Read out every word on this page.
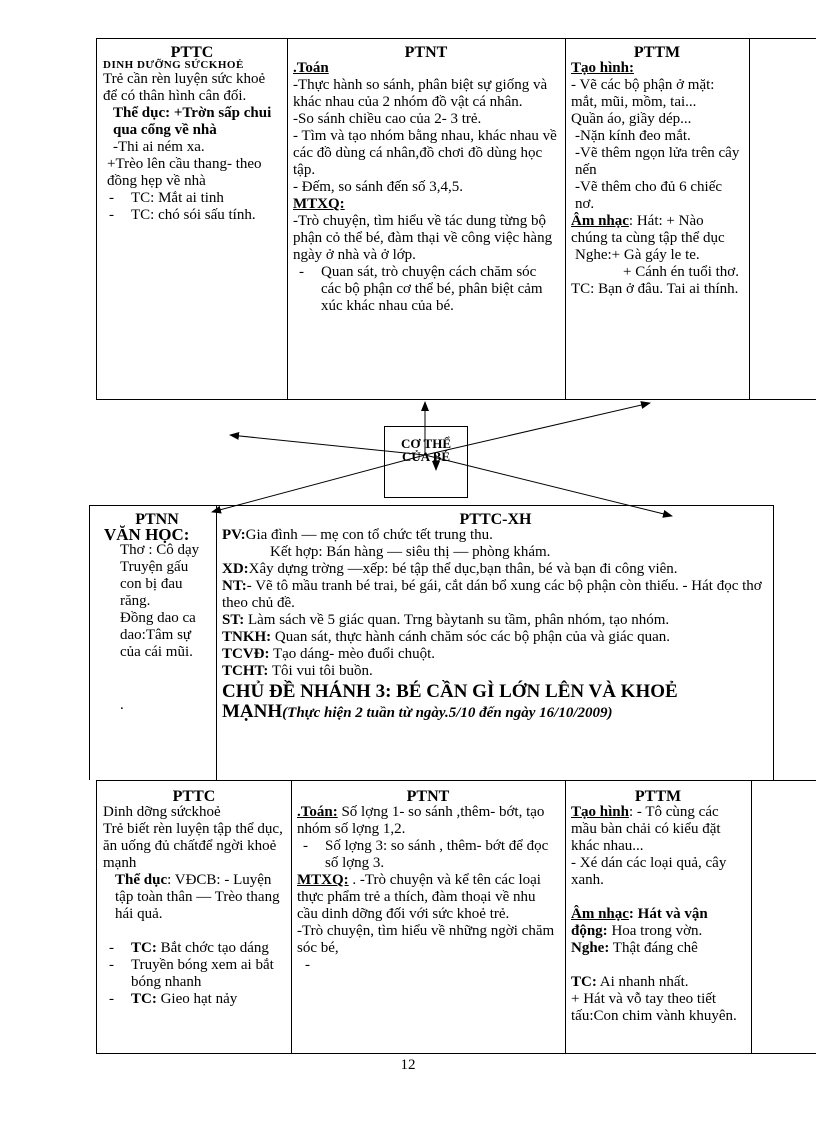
PTTC
DINH DƯỠNG SỨCKHOẺ
Trẻ cần rèn luyện sức khoẻ để có thân hình cân đối.
Thể dục: +Trờn sấp chui qua cổng về nhà
-Thi ai ném xa.
+Trèo lên cầu thang- theo đồng hẹp về nhà
- TC: Mắt ai tinh
- TC: chó sói sấu tính.
PTNT
.Toán
-Thực hành so sánh, phân biệt sự giống và khác nhau của 2 nhóm đồ vật cá nhân.
-So sánh chiều cao của 2- 3 trẻ.
- Tìm và tạo nhóm bằng nhau, khác nhau về các đồ dùng cá nhân,đồ chơi đồ dùng học tập.
- Đếm, so sánh đến số 3,4,5.
MTXQ:
-Trò chuyện, tìm hiểu về tác dung từng bộ phận cỏ thể bé, đàm thại về công việc hàng ngày ở nhà và ở lớp.
- Quan sát, trò chuyện cách chăm sóc các bộ phận cơ thể bé, phân biệt cảm xúc khác nhau của bé.
PTTM
Tạo hình:
- Vẽ các bộ phận ở mặt: mắt, mũi, mồm, tai...
Quần áo, giầy dép...
-Nặn kính đeo mắt.
-Vẽ thêm ngọn lửa trên cây nến
-Vẽ thêm cho đủ 6 chiếc nơ.
Âm nhạc: Hát: + Nào chúng ta cùng tập thể dục
Nghe:+ Gà gáy le te.
+ Cánh én tuổi thơ.
TC: Bạn ở đâu. Tai ai thính.
CƠ THỂ
CỦA BÉ
PTNN
VĂN HỌC:
Thơ : Cô dạy
Truyện gấu con bị đau răng.
Đồng dao ca dao:Tâm sự của cái mũi.
.
PTTC-XH
PV:Gia đình — mẹ con tổ chức tết trung thu.
Kết hợp: Bán hàng — siêu thị — phòng khám.
XD:Xây dựng trờng —xếp: bé tập thể dục,bạn thân, bé và bạn đi công viên.
NT:- Vẽ tô mầu tranh bé trai, bé gái, cắt dán bổ xung các bộ phận còn thiếu. - Hát đọc thơ theo chủ đề.
ST: Làm sách về 5 giác quan. Trng bàytanh su tầm, phân nhóm, tạo nhóm.
TNKH: Quan sát, thực hành cánh chăm sóc các bộ phận của và giác quan.
TCVĐ: Tạo dáng- mèo đuổi chuột.
TCHT: Tôi vui tôi buồn.
CHỦ ĐỀ NHÁNH 3: BÉ CẦN GÌ LỚN LÊN VÀ KHOẺ MẠNH(Thực hiện 2 tuần từ ngày.5/10 đến ngày 16/10/2009)
PTTC
Dinh dỡng sứckhoẻ
Trẻ biết rèn luyện tập thể dục, ăn uống đủ chấtđể ngời khoẻ mạnh
Thể dục: VĐCB: - Luyện tập toàn thân — Trèo thang hái quả.
- TC: Bắt chớc tạo dáng
- Truyền bóng xem ai bắt bóng nhanh
- TC: Gieo hạt nảy
PTNT
.Toán: Số lợng 1- so sánh ,thêm- bớt, tạo nhóm số lợng 1,2.
- Số lợng 3: so sánh , thêm- bớt để đọc số lợng 3.
MTXQ: . -Trò chuyện và kể tên các loại thực phẩm trẻ a thích, đàm thoại về nhu cầu dinh dỡng đối với sức khoẻ trẻ.
-Trò chuyện, tìm hiểu về những ngời chăm sóc bé,
-
PTTM
Tạo hình: - Tô cùng các mầu bàn chải có kiểu đặt khác nhau...
- Xé dán các loại quả, cây xanh.
Âm nhạc: Hát và vận động: Hoa trong vờn.
Nghe: Thật đáng chê
TC: Ai nhanh nhất.
+ Hát và vỗ tay theo tiết tấu:Con chim vành khuyên.
12
